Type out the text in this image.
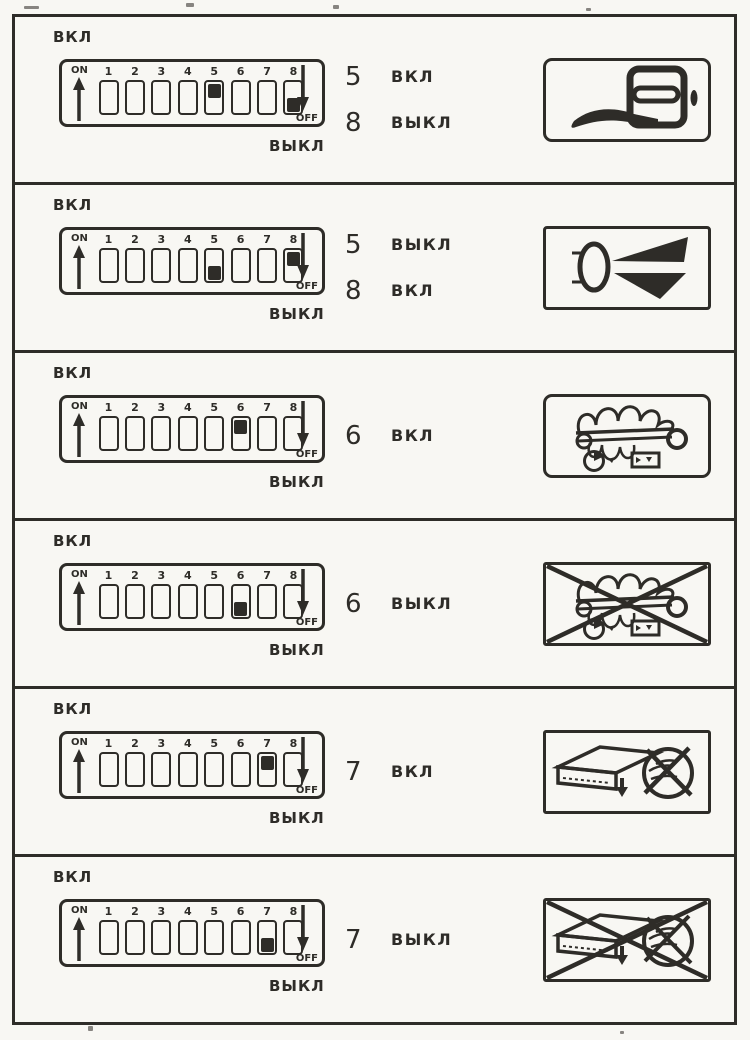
ВКЛ
ON 1 2 3 4 5 6 7 8
OFF
ВЫКЛ
5	ВКЛ
8	ВЫКЛ
ВКЛ
ON 1 2 3 4 5 6 7 8
OFF
ВЫКЛ
5	ВЫКЛ
8	ВКЛ
ВКЛ
ON 1 2 3 4 5 6 7 8
OFF
ВЫКЛ
6	ВКЛ
ВКЛ
ON 1 2 3 4 5 6 7 8
OFF
ВЫКЛ
6	ВЫКЛ
ВКЛ
ON 1 2 3 4 5 6 7 8
OFF
ВЫКЛ
7	ВКЛ
ВКЛ
ON 1 2 3 4 5 6 7 8
OFF
ВЫКЛ
7	ВЫКЛ
